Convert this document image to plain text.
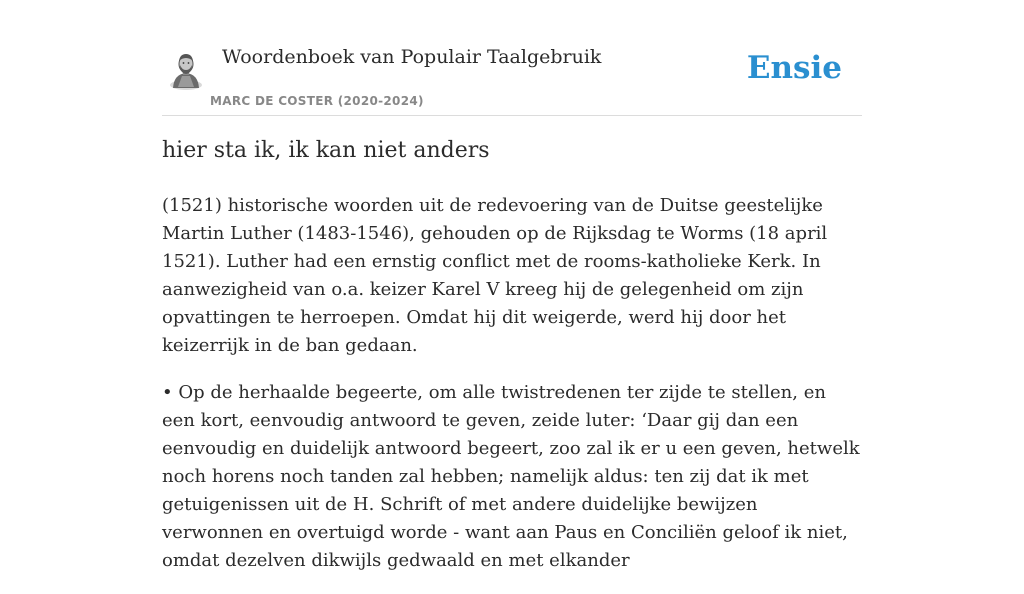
Woordenboek van Populair Taalgebruik
MARC DE COSTER (2020-2024)
Ensie
hier sta ik, ik kan niet anders

(1521) historische woorden uit de redevoering van de Duitse geestelijke Martin Luther (1483-1546), gehouden op de Rijksdag te Worms (18 april 1521). Luther had een ernstig conflict met de rooms-katholieke Kerk. In aanwezigheid van o.a. keizer Karel V kreeg hij de gelegenheid om zijn opvattingen te herroepen. Omdat hij dit weigerde, werd hij door het keizerrijk in de ban gedaan.

• Op de herhaalde begeerte, om alle twistredenen ter zijde te stellen, en een kort, eenvoudig antwoord te geven, zeide luter: ‘Daar gij dan een eenvoudig en duidelijk antwoord begeert, zoo zal ik er u een geven, hetwelk noch horens noch tanden zal hebben; namelijk aldus: ten zij dat ik met getuigenissen uit de H. Schrift of met andere duidelijke bewijzen verwonnen en overtuigd worde - want aan Paus en Conciliën geloof ik niet, omdat dezelven dikwijls gedwaald en met elkander
